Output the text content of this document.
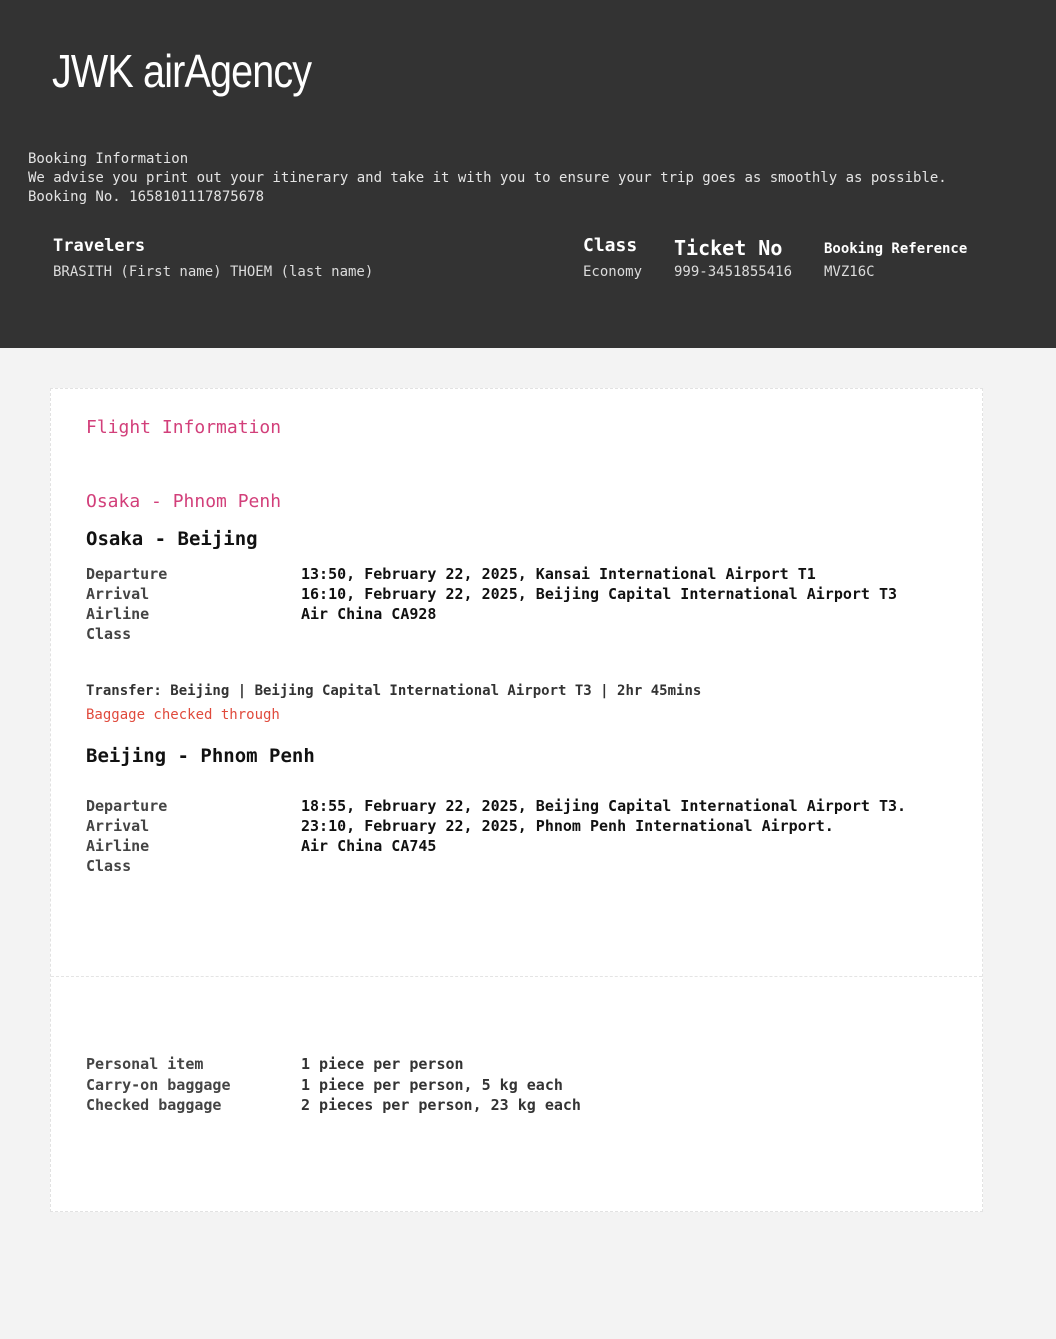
JWK airAgency
Booking Information
We advise you print out your itinerary and take it with you to ensure your trip goes as smoothly as possible.
Booking No. 1658101117875678
Travelers
BRASITH (First name) THOEM (last name)
Class
Economy
Ticket No
999-3451855416
Booking Reference
MVZ16C
Flight Information
Osaka - Phnom Penh
Osaka - Beijing
Departure
Arrival
Airline
Class
13:50, February 22, 2025, Kansai International Airport T1
16:10, February 22, 2025, Beijing Capital International Airport T3
Air China CA928
Transfer: Beijing | Beijing Capital International Airport T3 | 2hr 45mins
Baggage checked through
Beijing - Phnom Penh
Departure
Arrival
Airline
Class
18:55, February 22, 2025, Beijing Capital International Airport T3.
23:10, February 22, 2025, Phnom Penh International Airport.
Air China CA745
Personal item
Carry-on baggage
Checked baggage
1 piece per person
1 piece per person, 5 kg each
2 pieces per person, 23 kg each
